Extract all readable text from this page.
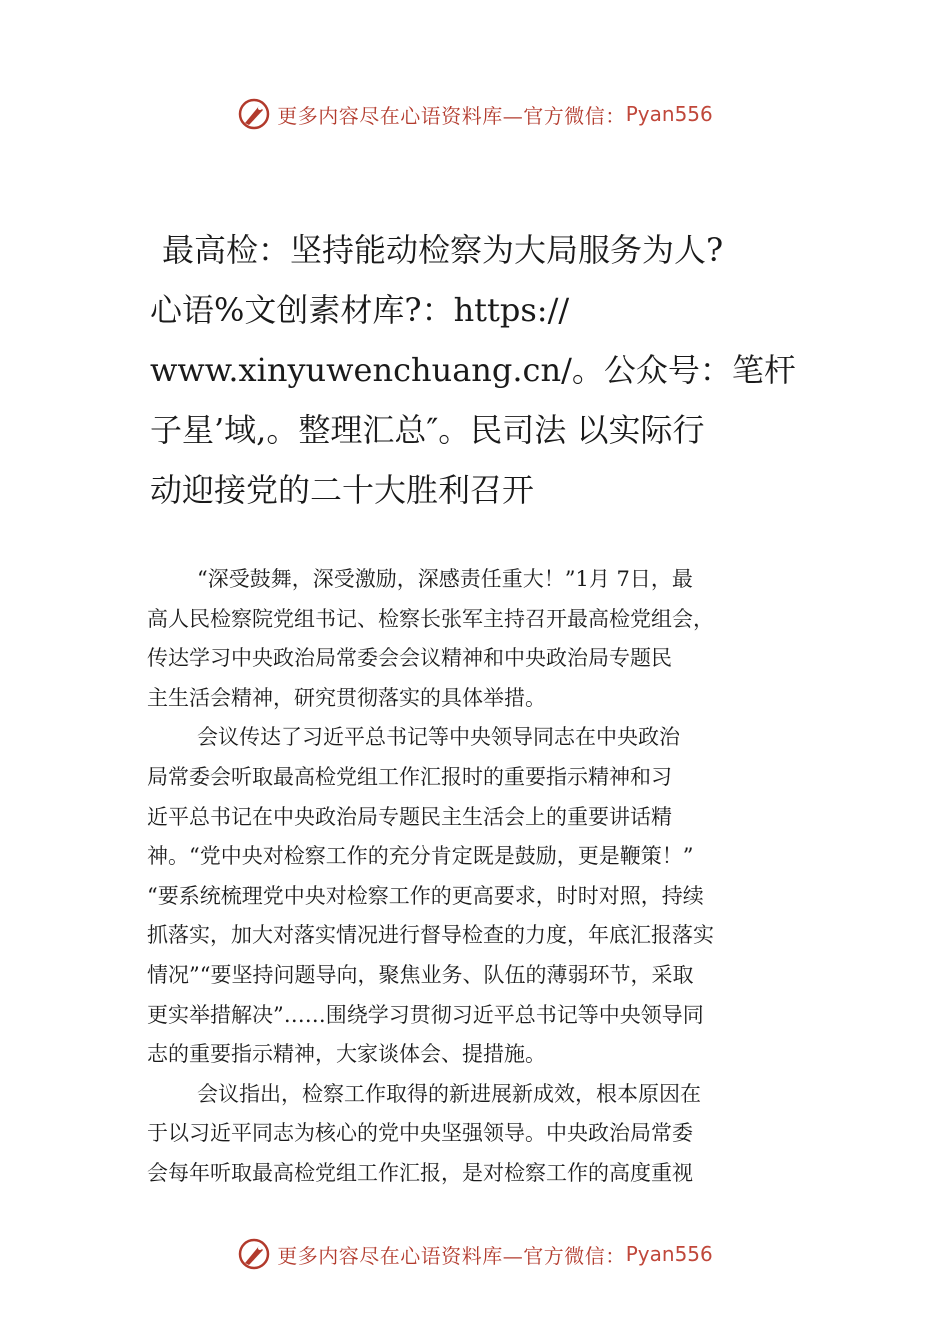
更多内容尽在心语资料库—官方微信： Pyan556
最高检：坚持能动检察为大局服务为人?
心语%文创素材库?：https://
www.xinyuwenchuang.cn/。公众号：笔杆
子星’域,。整理汇总″。民司法 以实际行
动迎接党的二十大胜利召开
“深受鼓舞，深受激励，深感责任重大！”1月 7日，最
高人民检察院党组书记、检察长张军主持召开最高检党组会，
传达学习中央政治局常委会会议精神和中央政治局专题民
主生活会精神，研究贯彻落实的具体举措。
会议传达了习近平总书记等中央领导同志在中央政治
局常委会听取最高检党组工作汇报时的重要指示精神和习
近平总书记在中央政治局专题民主生活会上的重要讲话精
神。“党中央对检察工作的充分肯定既是鼓励，更是鞭策！”
“要系统梳理党中央对检察工作的更高要求，时时对照，持续
抓落实，加大对落实情况进行督导检查的力度，年底汇报落实
情况”“要坚持问题导向，聚焦业务、队伍的薄弱环节，采取
更实举措解决”……围绕学习贯彻习近平总书记等中央领导同
志的重要指示精神，大家谈体会、提措施。
会议指出，检察工作取得的新进展新成效，根本原因在
于以习近平同志为核心的党中央坚强领导。中央政治局常委
会每年听取最高检党组工作汇报，是对检察工作的高度重视
更多内容尽在心语资料库—官方微信： Pyan556
